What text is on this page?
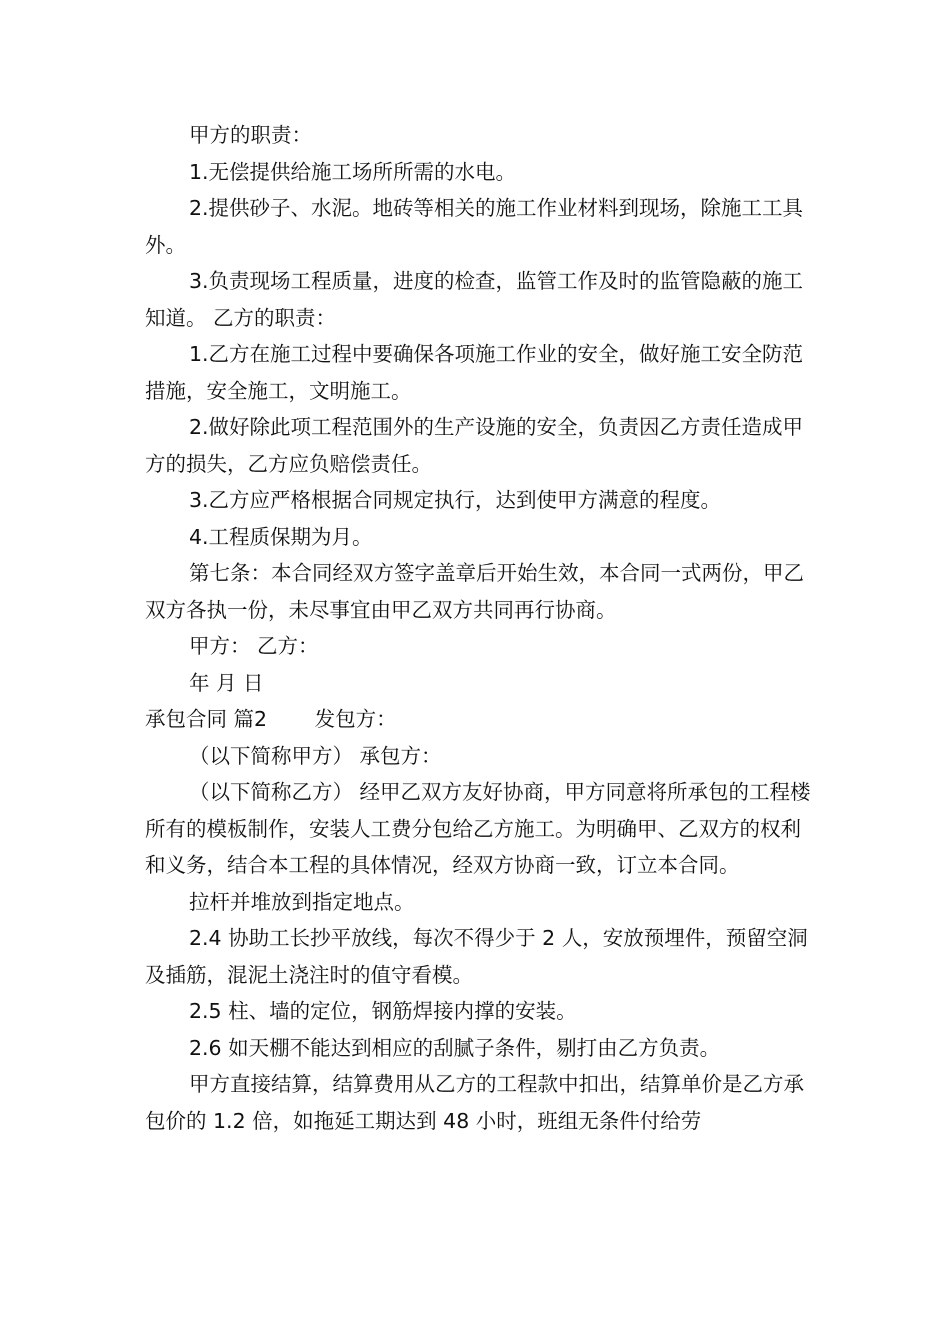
甲方的职责：

1.无偿提供给施工场所所需的水电。

2.提供砂子、水泥。地砖等相关的施工作业材料到现场，除施工工具外。

3.负责现场工程质量，进度的检查，监管工作及时的监管隐蔽的施工知道。 乙方的职责：

1.乙方在施工过程中要确保各项施工作业的安全，做好施工安全防范措施，安全施工，文明施工。

2.做好除此项工程范围外的生产设施的安全，负责因乙方责任造成甲方的损失，乙方应负赔偿责任。

3.乙方应严格根据合同规定执行，达到使甲方满意的程度。

4.工程质保期为月。

第七条：本合同经双方签字盖章后开始生效，本合同一式两份，甲乙双方各执一份，未尽事宜由甲乙双方共同再行协商。

甲方： 乙方：

年 月 日

承包合同 篇2 　　发包方：

（以下简称甲方） 承包方：

（以下简称乙方） 经甲乙双方友好协商，甲方同意将所承包的工程楼所有的模板制作，安装人工费分包给乙方施工。为明确甲、乙双方的权利和义务，结合本工程的具体情况，经双方协商一致，订立本合同。

拉杆并堆放到指定地点。

2.4 协助工长抄平放线，每次不得少于 2 人，安放预埋件，预留空洞及插筋，混泥土浇注时的值守看模。

2.5 柱、墙的定位，钢筋焊接内撑的安装。

2.6 如天棚不能达到相应的刮腻子条件，剔打由乙方负责。

甲方直接结算，结算费用从乙方的工程款中扣出，结算单价是乙方承包价的 1.2 倍，如拖延工期达到 48 小时，班组无条件付给劳
